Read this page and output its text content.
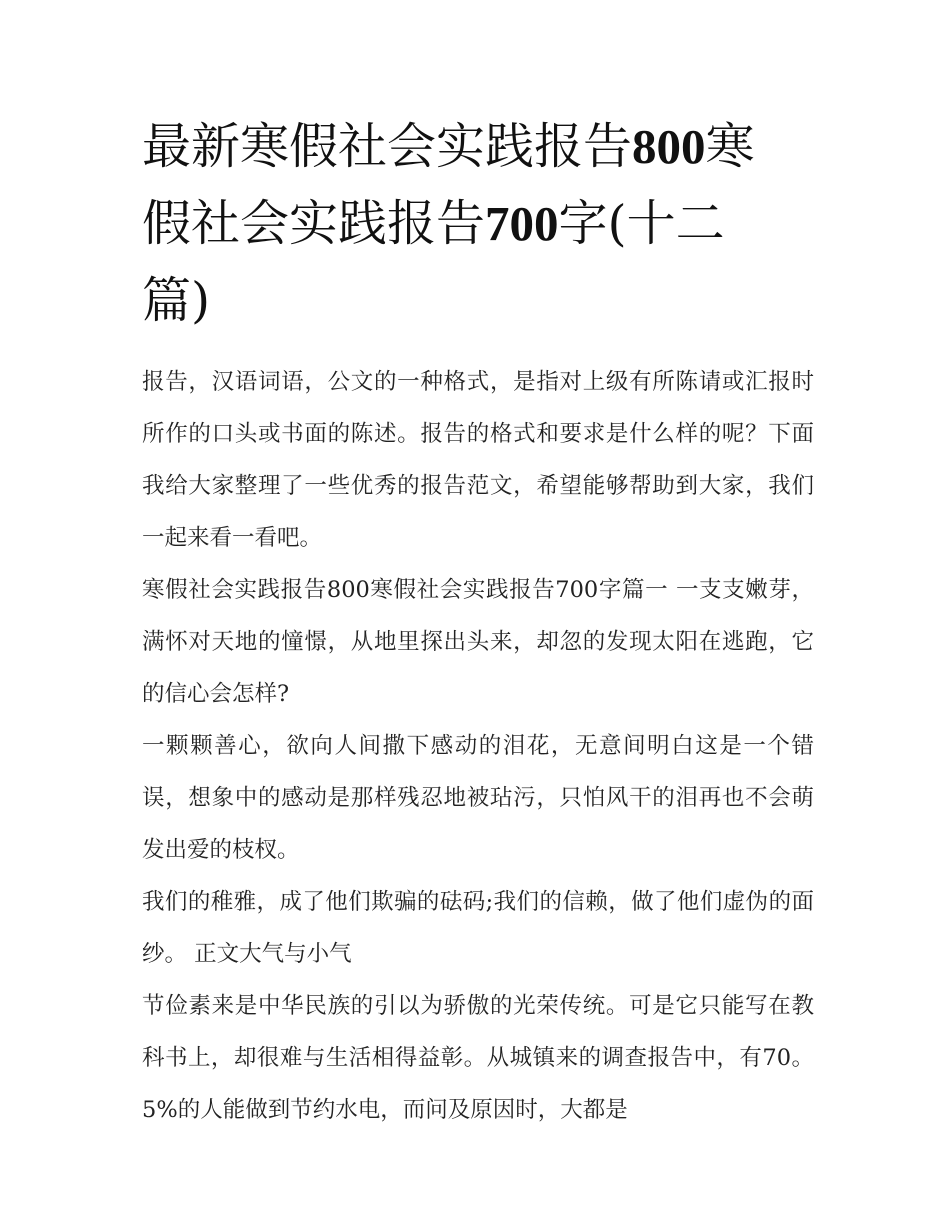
最新寒假社会实践报告800寒
假社会实践报告700字(十二
篇)

报告，汉语词语，公文的一种格式，是指对上级有所陈请或汇报时所作的口头或书面的陈述。报告的格式和要求是什么样的呢？下面我给大家整理了一些优秀的报告范文，希望能够帮助到大家，我们一起来看一看吧。

寒假社会实践报告800寒假社会实践报告700字篇一 一支支嫩芽，满怀对天地的憧憬，从地里探出头来，却忽的发现太阳在逃跑，它的信心会怎样?

一颗颗善心，欲向人间撒下感动的泪花，无意间明白这是一个错误，想象中的感动是那样残忍地被玷污，只怕风干的泪再也不会萌发出爱的枝杈。

我们的稚雅，成了他们欺骗的砝码;我们的信赖，做了他们虚伪的面纱。 正文大气与小气

节俭素来是中华民族的引以为骄傲的光荣传统。可是它只能写在教科书上，却很难与生活相得益彰。从城镇来的调查报告中，有70。5%的人能做到节约水电，而问及原因时，大都是
